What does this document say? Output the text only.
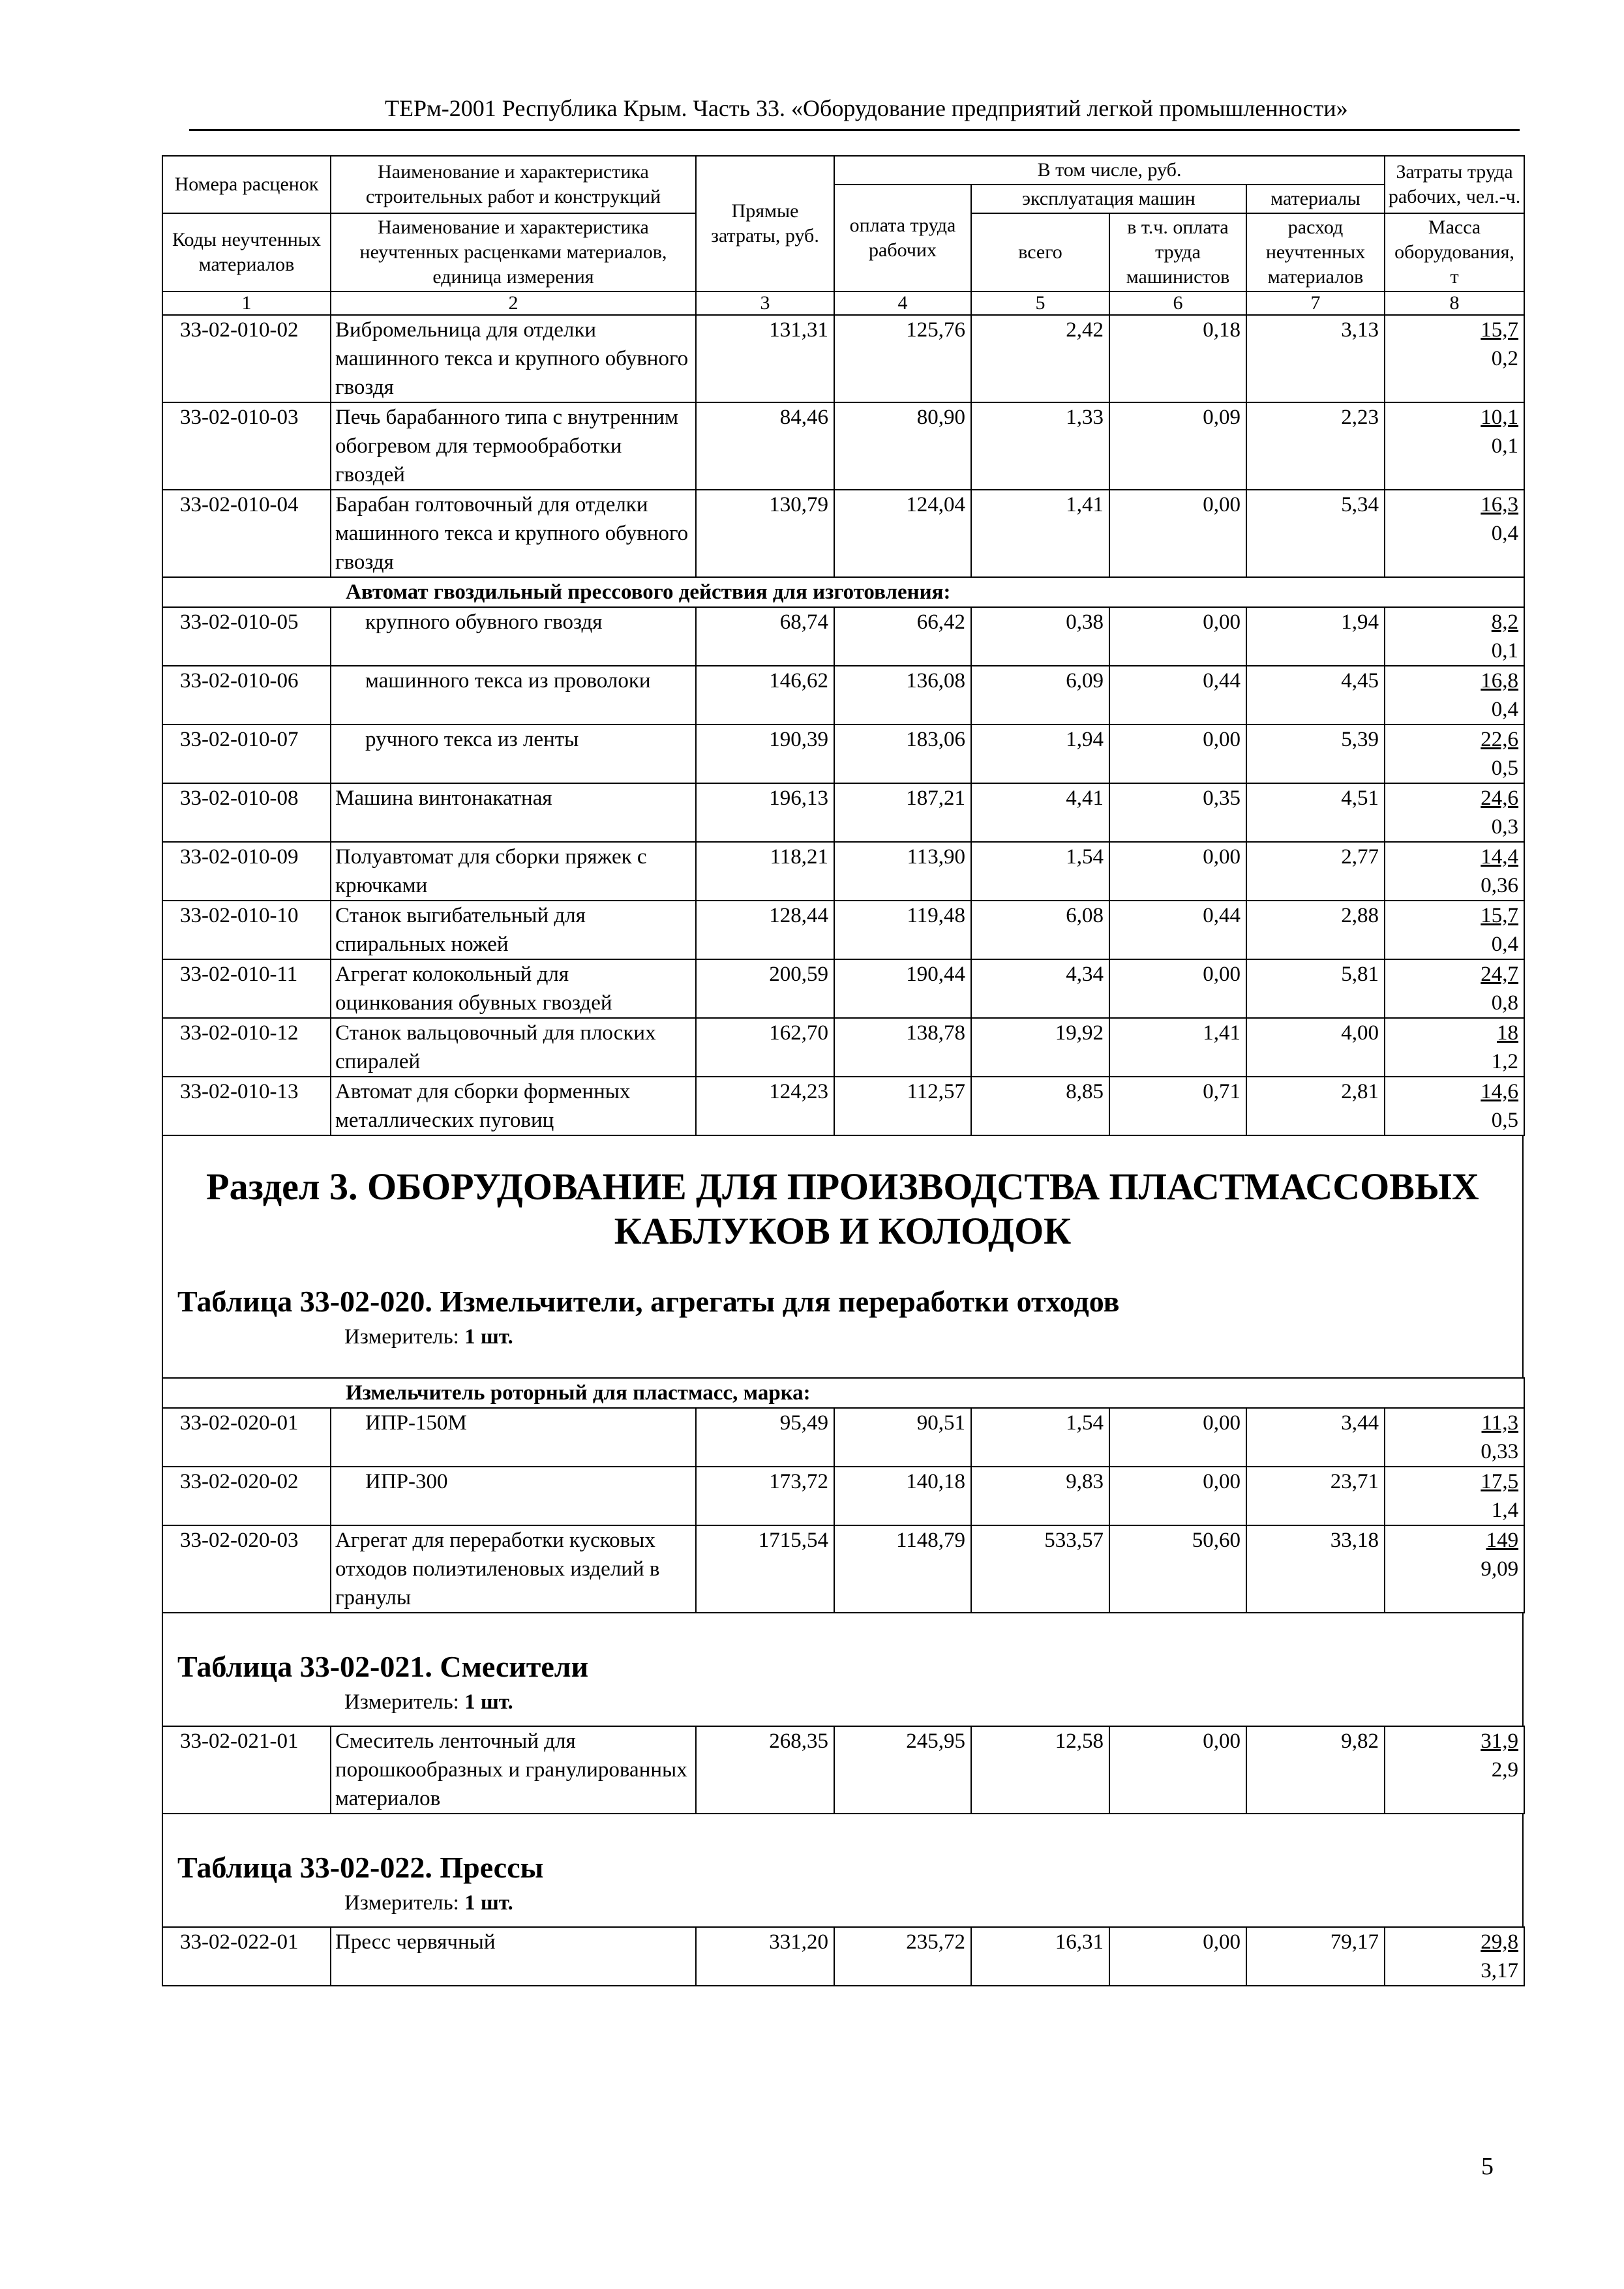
ТЕРм-2001 Республика Крым. Часть 33. «Оборудование предприятий легкой промышленности»
Номера расценок	Наименование и характеристика строительных работ и конструкций	Прямые затраты, руб.	В том числе, руб.				Затраты труда рабочих, чел.-ч.
			оплата труда рабочих	эксплуатация машин		материалы	
Коды неучтенных материалов	Наименование и характеристика неучтенных расценками материалов, единица измерения			всего	в т.ч. оплата труда машинистов	расход неучтенных материалов	
							Масса оборудования, т
1	2	3	4	5	6	7	8
33-02-010-02	Вибромельница для отделки машинного текса и крупного обувного гвоздя	131,31	125,76	2,42	0,18	3,13	15,7
0,2

33-02-010-03	Печь барабанного типа с внутренним обогревом для термообработки гвоздей	84,46	80,90	1,33	0,09	2,23	10,1
0,1

33-02-010-04	Барабан голтовочный для отделки машинного текса и крупного обувного гвоздя	130,79	124,04	1,41	0,00	5,34	16,3
0,4

Автомат гвоздильный прессового действия для изготовления:							
33-02-010-05	крупного обувного гвоздя	68,74	66,42	0,38	0,00	1,94	8,2
0,1

33-02-010-06	машинного текса из проволоки	146,62	136,08	6,09	0,44	4,45	16,8
0,4

33-02-010-07	ручного текса из ленты	190,39	183,06	1,94	0,00	5,39	22,6
0,5

33-02-010-08	Машина винтонакатная	196,13	187,21	4,41	0,35	4,51	24,6
0,3

33-02-010-09	Полуавтомат для сборки пряжек с крючками	118,21	113,90	1,54	0,00	2,77	14,4
0,36

33-02-010-10	Станок выгибательный для спиральных ножей	128,44	119,48	6,08	0,44	2,88	15,7
0,4

33-02-010-11	Агрегат колокольный для оцинкования обувных гвоздей	200,59	190,44	4,34	0,00	5,81	24,7
0,8

33-02-010-12	Станок вальцовочный для плоских спиралей	162,70	138,78	19,92	1,41	4,00	18
1,2

33-02-010-13	Автомат для сборки форменных металлических пуговиц	124,23	112,57	8,85	0,71	2,81	14,6
0,5
Раздел 3. ОБОРУДОВАНИЕ ДЛЯ ПРОИЗВОДСТВА ПЛАСТМАССОВЫХ КАБЛУКОВ И КОЛОДОК
Таблица 33-02-020. Измельчители, агрегаты для переработки отходов
Измеритель: 1 шт.
Измельчитель роторный для пластмасс, марка:							
33-02-020-01	ИПР-150М	95,49	90,51	1,54	0,00	3,44	11,3
0,33

33-02-020-02	ИПР-300	173,72	140,18	9,83	0,00	23,71	17,5
1,4

33-02-020-03	Агрегат для переработки кусковых отходов полиэтиленовых изделий в гранулы	1715,54	1148,79	533,57	50,60	33,18	149
9,09
Таблица 33-02-021. Смесители
Измеритель: 1 шт.
33-02-021-01	Смеситель ленточный для порошкообразных и гранулированных материалов	268,35	245,95	12,58	0,00	9,82	31,9
2,9
Таблица 33-02-022. Прессы
Измеритель: 1 шт.
33-02-022-01	Пресс червячный	331,20	235,72	16,31	0,00	79,17	29,8
3,17
5
